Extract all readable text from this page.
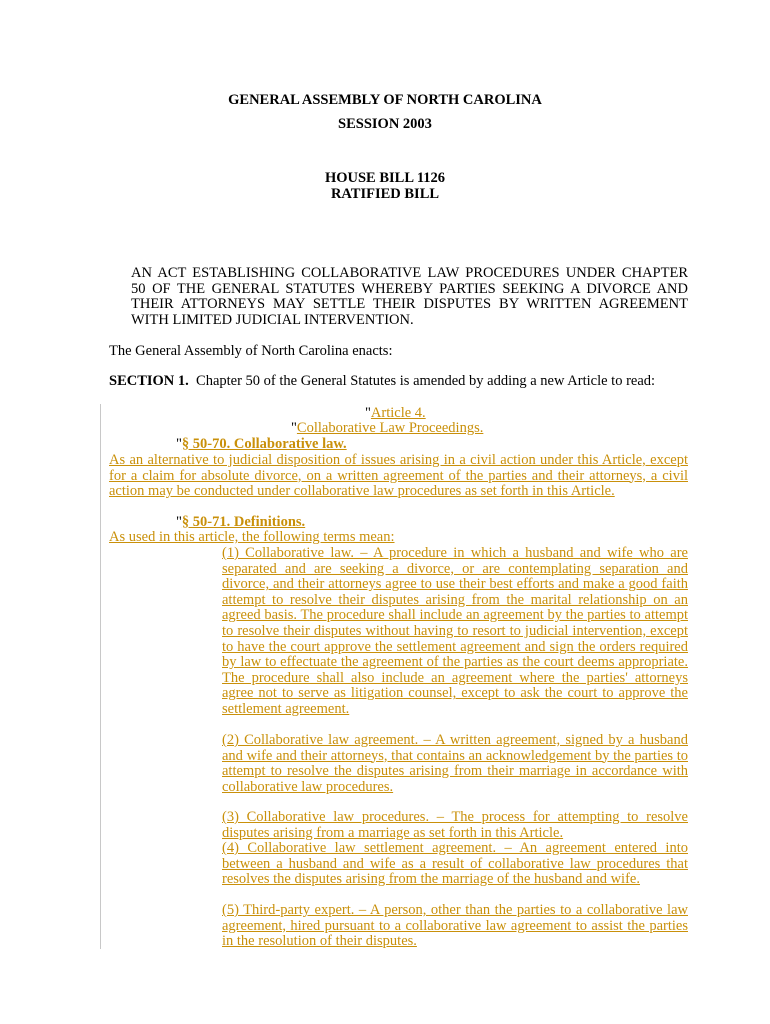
GENERAL ASSEMBLY OF NORTH CAROLINA
SESSION 2003
HOUSE BILL 1126
RATIFIED BILL
AN ACT ESTABLISHING COLLABORATIVE LAW PROCEDURES UNDER CHAPTER 50 OF THE GENERAL STATUTES WHEREBY PARTIES SEEKING A DIVORCE AND THEIR ATTORNEYS MAY SETTLE THEIR DISPUTES BY WRITTEN AGREEMENT WITH LIMITED JUDICIAL INTERVENTION.
The General Assembly of North Carolina enacts:
SECTION 1. Chapter 50 of the General Statutes is amended by adding a new Article to read:
"Article 4.
"Collaborative Law Proceedings.
"§ 50-70. Collaborative law.
As an alternative to judicial disposition of issues arising in a civil action under this Article, except for a claim for absolute divorce, on a written agreement of the parties and their attorneys, a civil action may be conducted under collaborative law procedures as set forth in this Article.
"§ 50-71. Definitions.
As used in this article, the following terms mean:
(1) Collaborative law. – A procedure in which a husband and wife who are separated and are seeking a divorce, or are contemplating separation and divorce, and their attorneys agree to use their best efforts and make a good faith attempt to resolve their disputes arising from the marital relationship on an agreed basis. The procedure shall include an agreement by the parties to attempt to resolve their disputes without having to resort to judicial intervention, except to have the court approve the settlement agreement and sign the orders required by law to effectuate the agreement of the parties as the court deems appropriate. The procedure shall also include an agreement where the parties' attorneys agree not to serve as litigation counsel, except to ask the court to approve the settlement agreement.
(2) Collaborative law agreement. – A written agreement, signed by a husband and wife and their attorneys, that contains an acknowledgement by the parties to attempt to resolve the disputes arising from their marriage in accordance with collaborative law procedures.
(3) Collaborative law procedures. – The process for attempting to resolve disputes arising from a marriage as set forth in this Article.
(4) Collaborative law settlement agreement. – An agreement entered into between a husband and wife as a result of collaborative law procedures that resolves the disputes arising from the marriage of the husband and wife.
(5) Third-party expert. – A person, other than the parties to a collaborative law agreement, hired pursuant to a collaborative law agreement to assist the parties in the resolution of their disputes.
